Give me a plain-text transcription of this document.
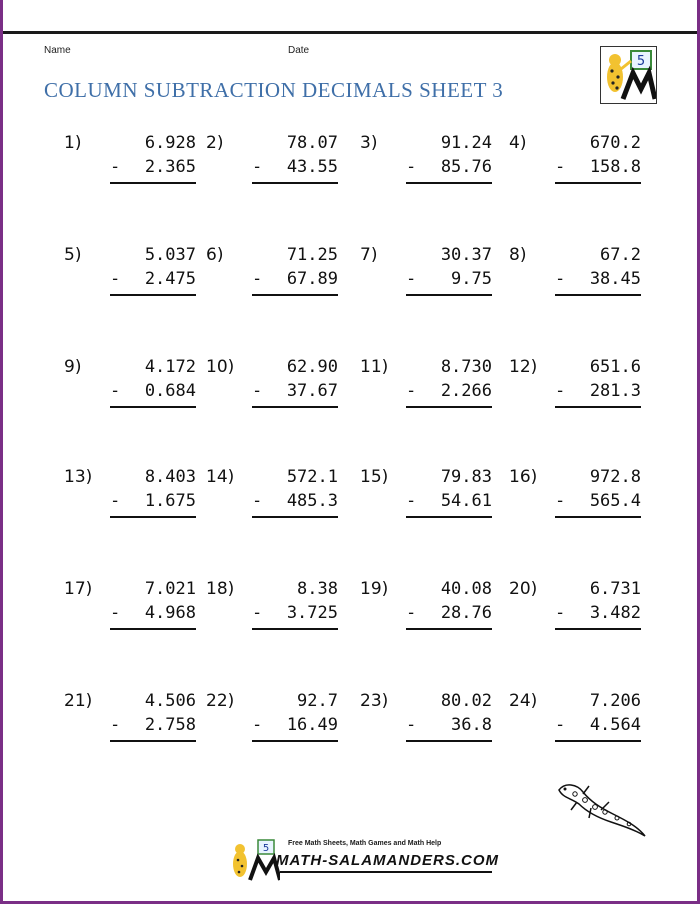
Name	Date
COLUMN SUBTRACTION DECIMALS SHEET 3
5
1)	6.928
- 2.365
2)	78.07
- 43.55
3)	91.24
- 85.76
4)	670.2
- 158.8
5)	5.037
- 2.475
6)	71.25
- 67.89
7)	30.37
- 9.75
8)	67.2
- 38.45
9)	4.172
- 0.684
10)	62.90
- 37.67
11)	8.730
- 2.266
12)	651.6
- 281.3
13)	8.403
- 1.675
14)	572.1
- 485.3
15)	79.83
- 54.61
16)	972.8
- 565.4
17)	7.021
- 4.968
18)	8.38
- 3.725
19)	40.08
- 28.76
20)	6.731
- 3.482
21)	4.506
- 2.758
22)	92.7
- 16.49
23)	80.02
- 36.8
24)	7.206
- 4.564
5	Free Math Sheets, Math Games and Math Help
MATH-SALAMANDERS.COM
